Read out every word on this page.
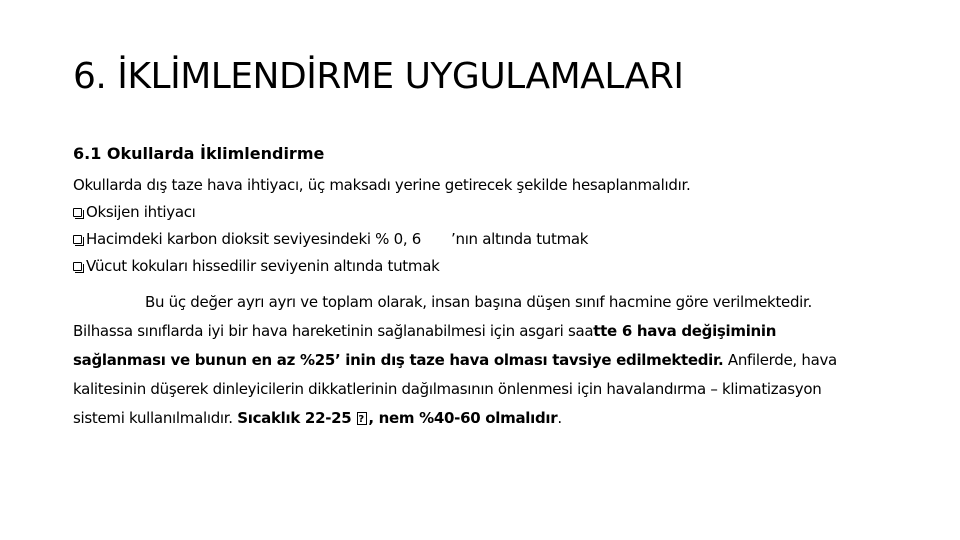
6. İKLİMLENDİRME UYGULAMALARI
6.1 Okullarda İklimlendirme

Okullarda dış taze hava ihtiyacı, üç maksadı yerine getirecek şekilde hesaplanmalıdır.

Oksijen ihtiyacı

Hacimdeki karbon dioksit seviyesindeki % 0, 6 ’nın altında tutmak

Vücut kokuları hissedilir seviyenin altında tutmak

Bu üç değer ayrı ayrı ve toplam olarak, insan başına düşen sınıf hacmine göre verilmektedir.

Bilhassa sınıflarda iyi bir hava hareketinin sağlanabilmesi için asgari saatte 6 hava değişiminin

sağlanması ve bunun en az %25’ inin dış taze hava olması tavsiye edilmektedir. Anfilerde, hava

kalitesinin düşerek dinleyicilerin dikkatlerinin dağılmasının önlenmesi için havalandırma – klimatizasyon

sistemi kullanılmalıdır. Sıcaklık 22-25 ?, nem %40-60 olmalıdır.
